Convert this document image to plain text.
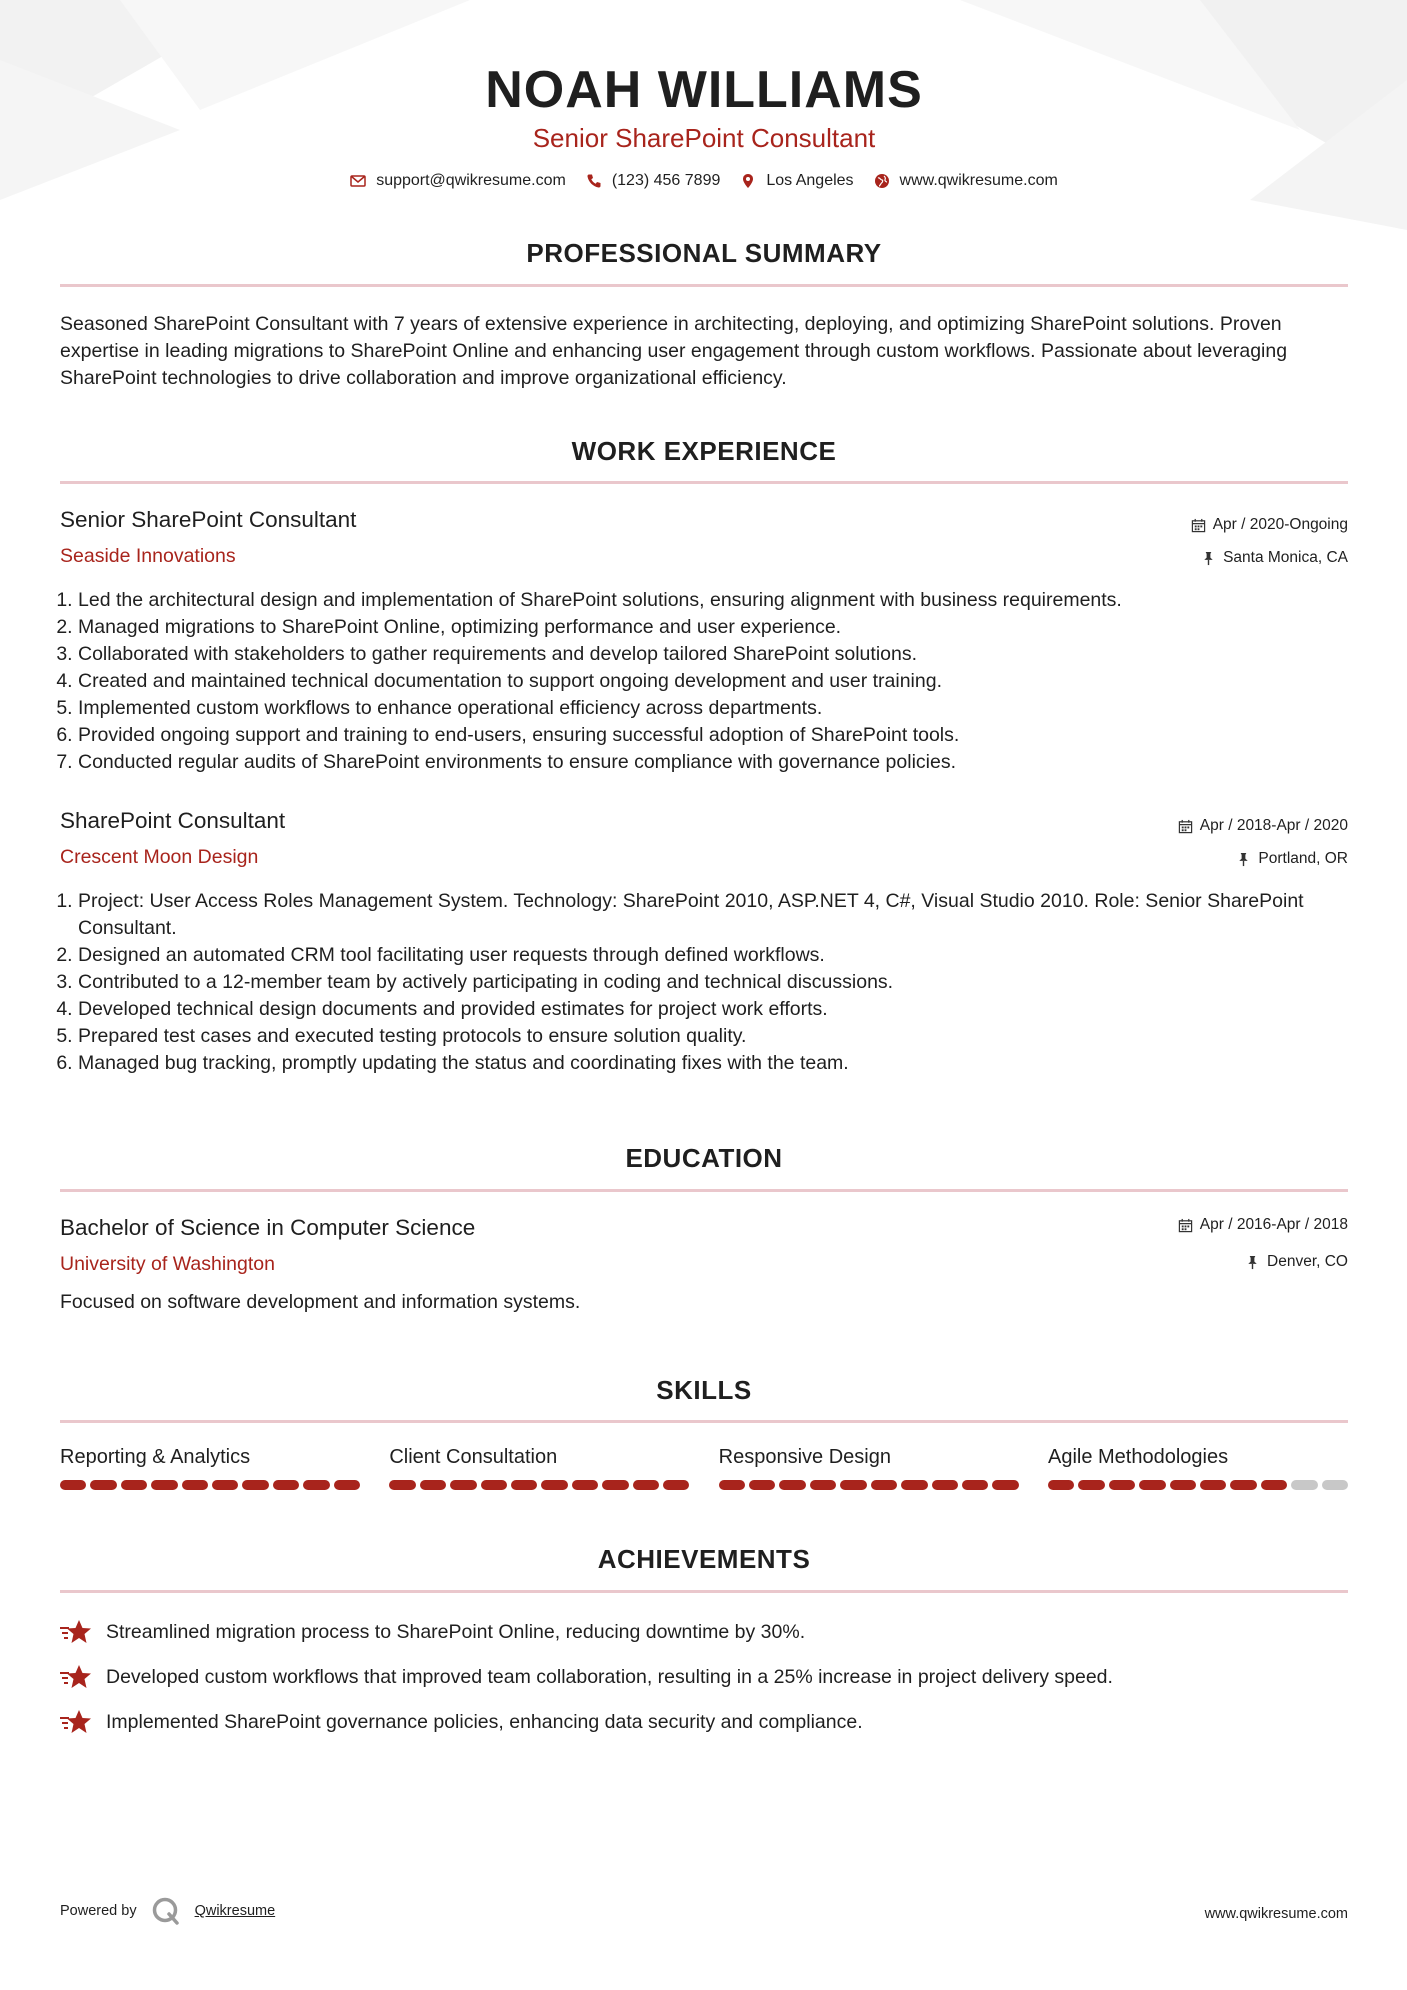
NOAH WILLIAMS
Senior SharePoint Consultant
support@qwikresume.com	(123) 456 7899	Los Angeles	www.qwikresume.com
PROFESSIONAL SUMMARY
Seasoned SharePoint Consultant with 7 years of extensive experience in architecting, deploying, and optimizing SharePoint solutions. Proven expertise in leading migrations to SharePoint Online and enhancing user engagement through custom workflows. Passionate about leveraging SharePoint technologies to drive collaboration and improve organizational efficiency.
WORK EXPERIENCE
Senior SharePoint Consultant	Apr / 2020-Ongoing
Seaside Innovations	Santa Monica, CA
1. Led the architectural design and implementation of SharePoint solutions, ensuring alignment with business requirements.
2. Managed migrations to SharePoint Online, optimizing performance and user experience.
3. Collaborated with stakeholders to gather requirements and develop tailored SharePoint solutions.
4. Created and maintained technical documentation to support ongoing development and user training.
5. Implemented custom workflows to enhance operational efficiency across departments.
6. Provided ongoing support and training to end-users, ensuring successful adoption of SharePoint tools.
7. Conducted regular audits of SharePoint environments to ensure compliance with governance policies.
SharePoint Consultant	Apr / 2018-Apr / 2020
Crescent Moon Design	Portland, OR
1. Project: User Access Roles Management System. Technology: SharePoint 2010, ASP.NET 4, C#, Visual Studio 2010. Role: Senior SharePoint Consultant.
2. Designed an automated CRM tool facilitating user requests through defined workflows.
3. Contributed to a 12-member team by actively participating in coding and technical discussions.
4. Developed technical design documents and provided estimates for project work efforts.
5. Prepared test cases and executed testing protocols to ensure solution quality.
6. Managed bug tracking, promptly updating the status and coordinating fixes with the team.
EDUCATION
Bachelor of Science in Computer Science	Apr / 2016-Apr / 2018
University of Washington	Denver, CO
Focused on software development and information systems.
SKILLS
Reporting & Analytics	Client Consultation	Responsive Design	Agile Methodologies
ACHIEVEMENTS
Streamlined migration process to SharePoint Online, reducing downtime by 30%.
Developed custom workflows that improved team collaboration, resulting in a 25% increase in project delivery speed.
Implemented SharePoint governance policies, enhancing data security and compliance.
Powered by	Qwikresume	www.qwikresume.com
